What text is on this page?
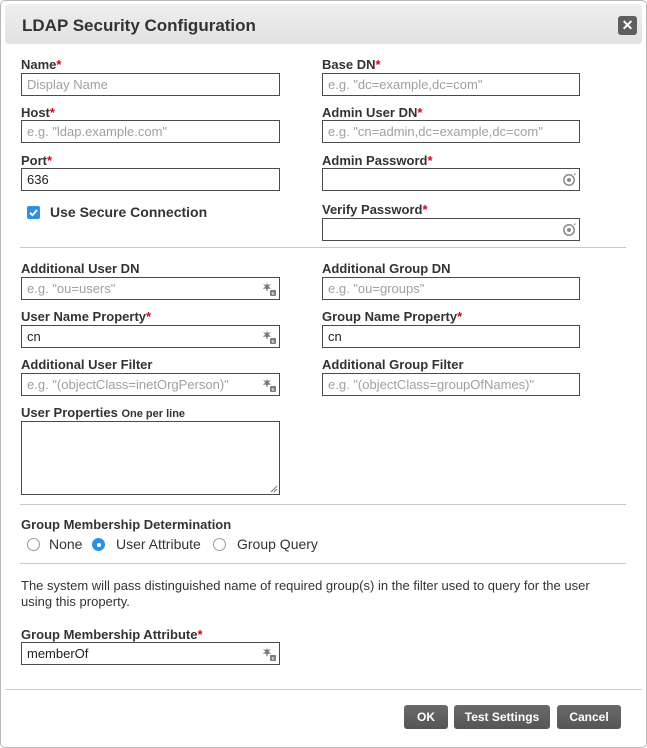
LDAP Security Configuration	✕
Name*
Display Name
Host*
e.g. "ldap.example.com"
Port*
636
Use Secure Connection
Base DN*
e.g. "dc=example,dc=com"
Admin User DN*
e.g. "cn=admin,dc=example,dc=com"
Admin Password*
Verify Password*
Additional User DN
e.g. "ou=users"
e
User Name Property*
cn
e
Additional User Filter
e.g. "(objectClass=inetOrgPerson)"
e
User Properties One per line
Additional Group DN
e.g. "ou=groups"
Group Name Property*
cn
Additional Group Filter
e.g. "(objectClass=groupOfNames)"
Group Membership Determination
None User Attribute	Group Query
The system will pass distinguished name of required group(s) in the filter used to query for the user using this property.
Group Membership Attribute*
memberOf
e
OK	Test Settings	Cancel
